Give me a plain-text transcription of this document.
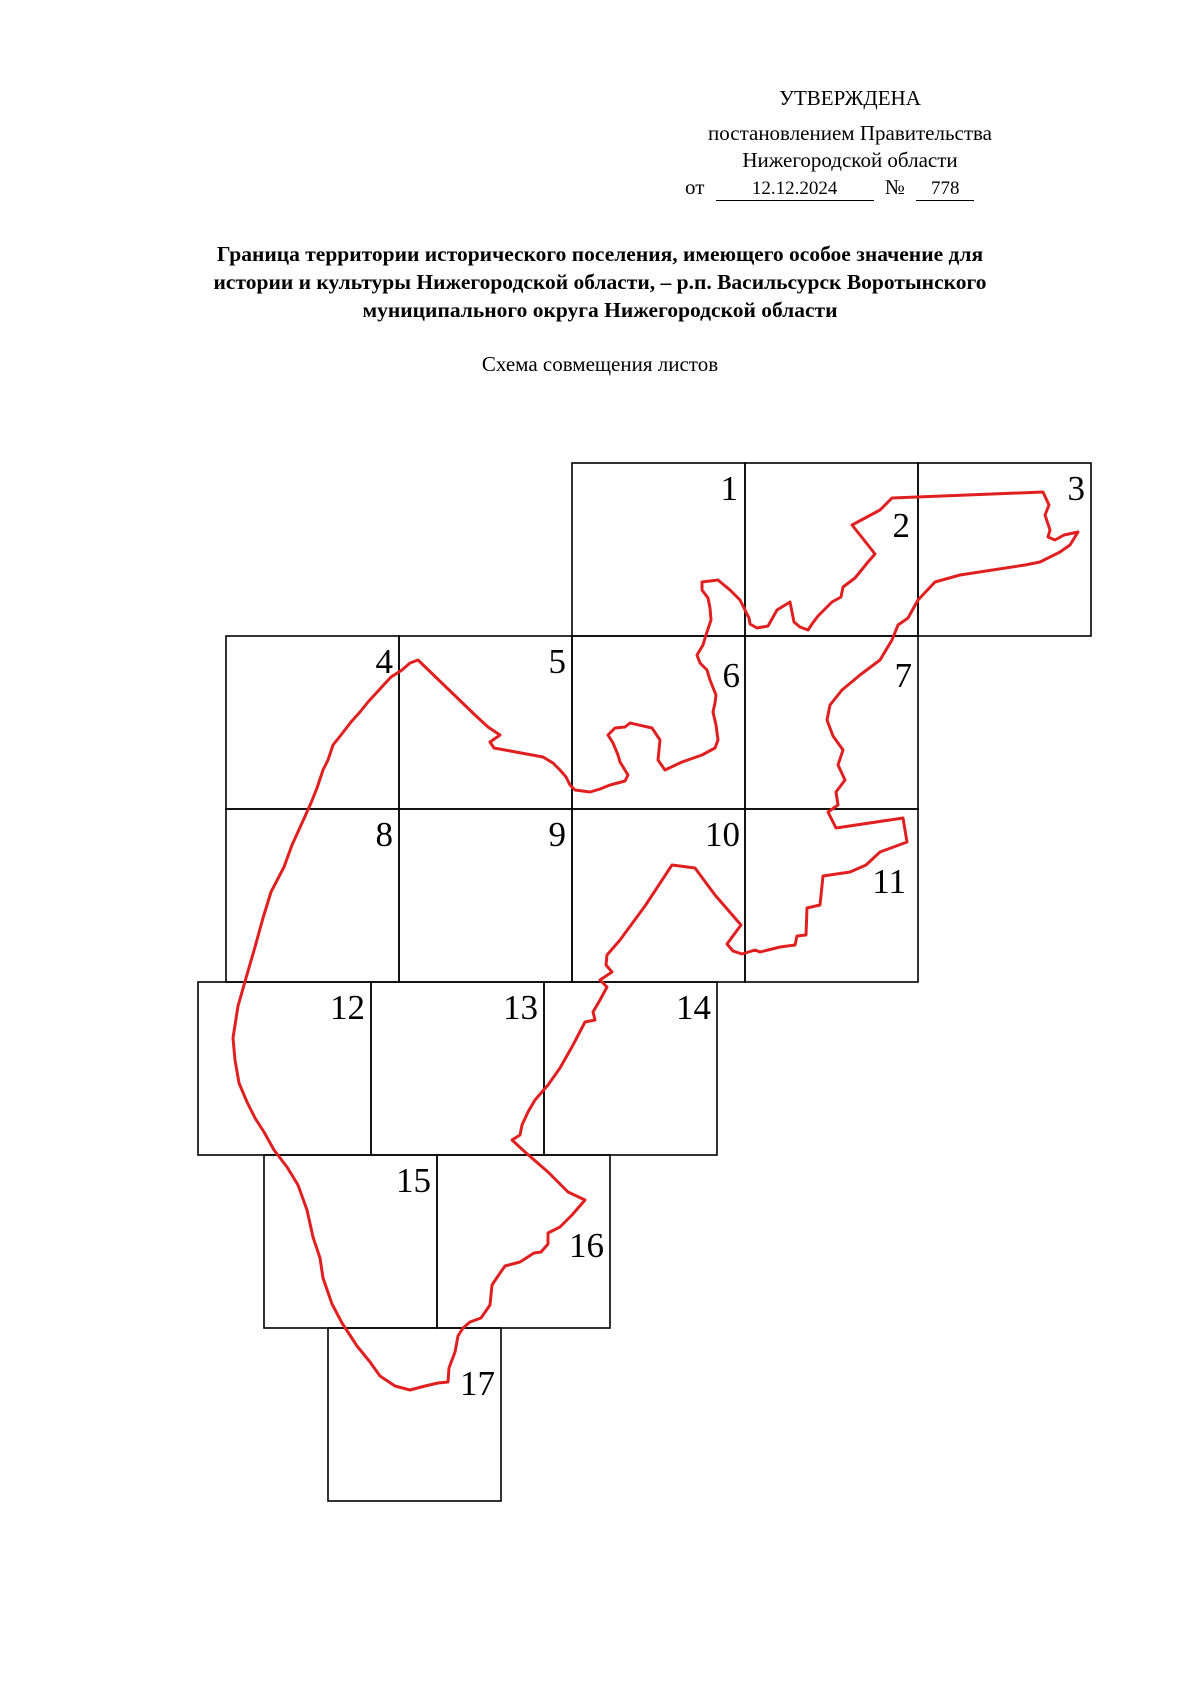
УТВЕРЖДЕНА
постановлением Правительства
Нижегородской области
от	12.12.2024 № 778
Граница территории исторического поселения, имеющего особое значение для
истории и культуры Нижегородской области, – р.п. Васильсурск Воротынского
муниципального округа Нижегородской области
Схема совмещения листов
1
2
3
4	5	6	7
8	9	10
11
12	13	14
15
16
17
